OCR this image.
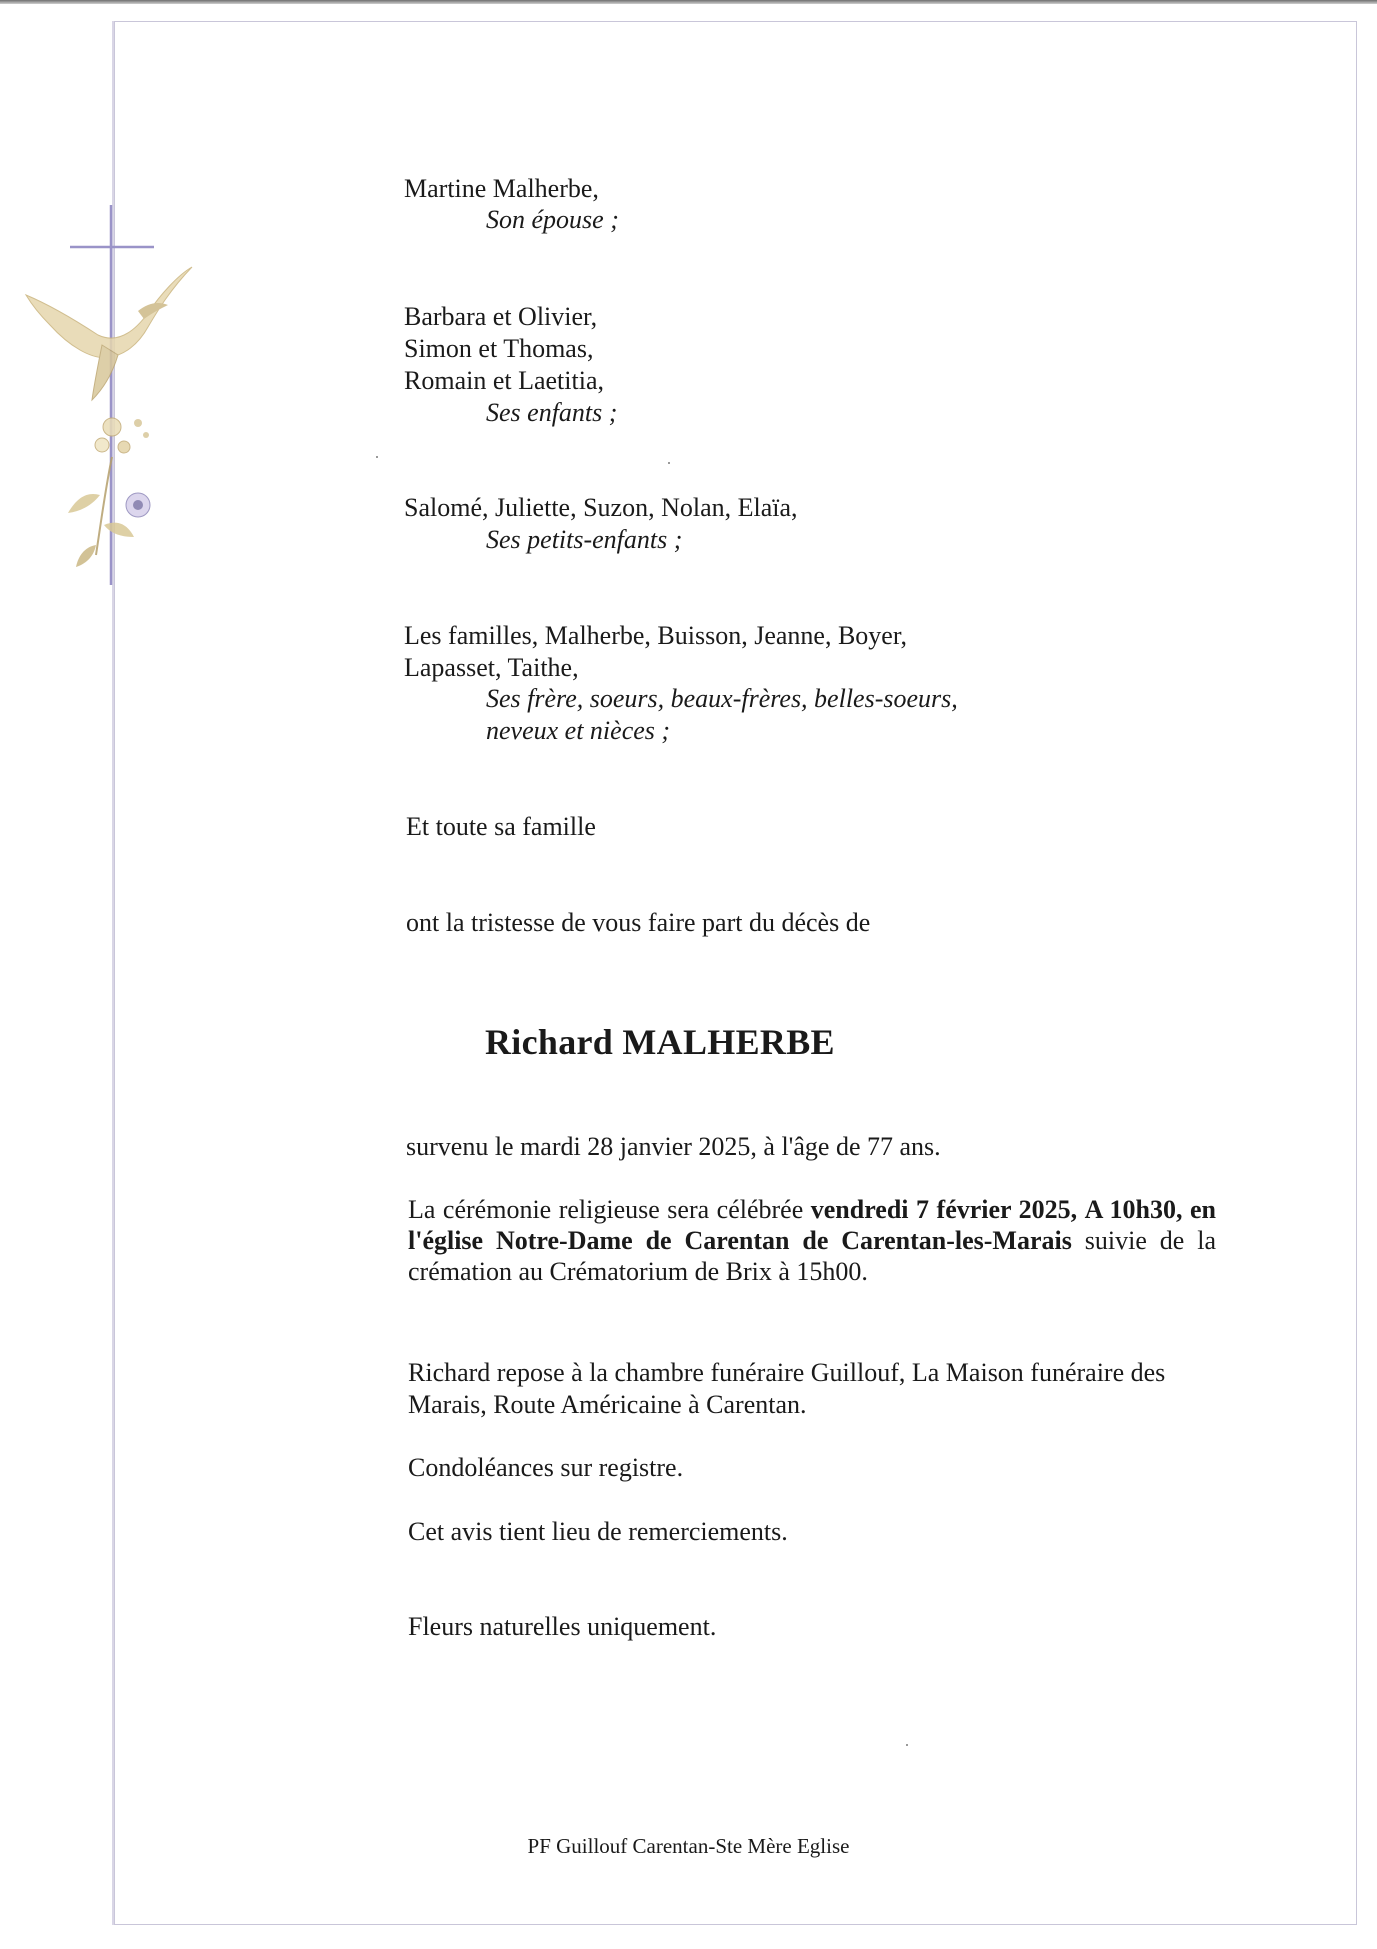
Martine Malherbe,
Son épouse ;
Barbara et Olivier,
Simon et Thomas,
Romain et Laetitia,
Ses enfants ;
Salomé, Juliette, Suzon, Nolan, Elaïa,
Ses petits-enfants ;
Les familles, Malherbe, Buisson, Jeanne, Boyer,
Lapasset, Taithe,
Ses frère, soeurs, beaux-frères, belles-soeurs,
neveux et nièces ;
Et toute sa famille
ont la tristesse de vous faire part du décès de
Richard MALHERBE
survenu le mardi 28 janvier 2025, à l'âge de 77 ans.
La cérémonie religieuse sera célébrée vendredi 7 février 2025, A 10h30, en l'église Notre-Dame de Carentan de Carentan-les-Marais suivie de la crémation au Crématorium de Brix à 15h00.
Richard repose à la chambre funéraire Guillouf, La Maison funéraire des
Marais, Route Américaine à Carentan.
Condoléances sur registre.
Cet avis tient lieu de remerciements.
Fleurs naturelles uniquement.
PF Guillouf Carentan-Ste Mère Eglise
